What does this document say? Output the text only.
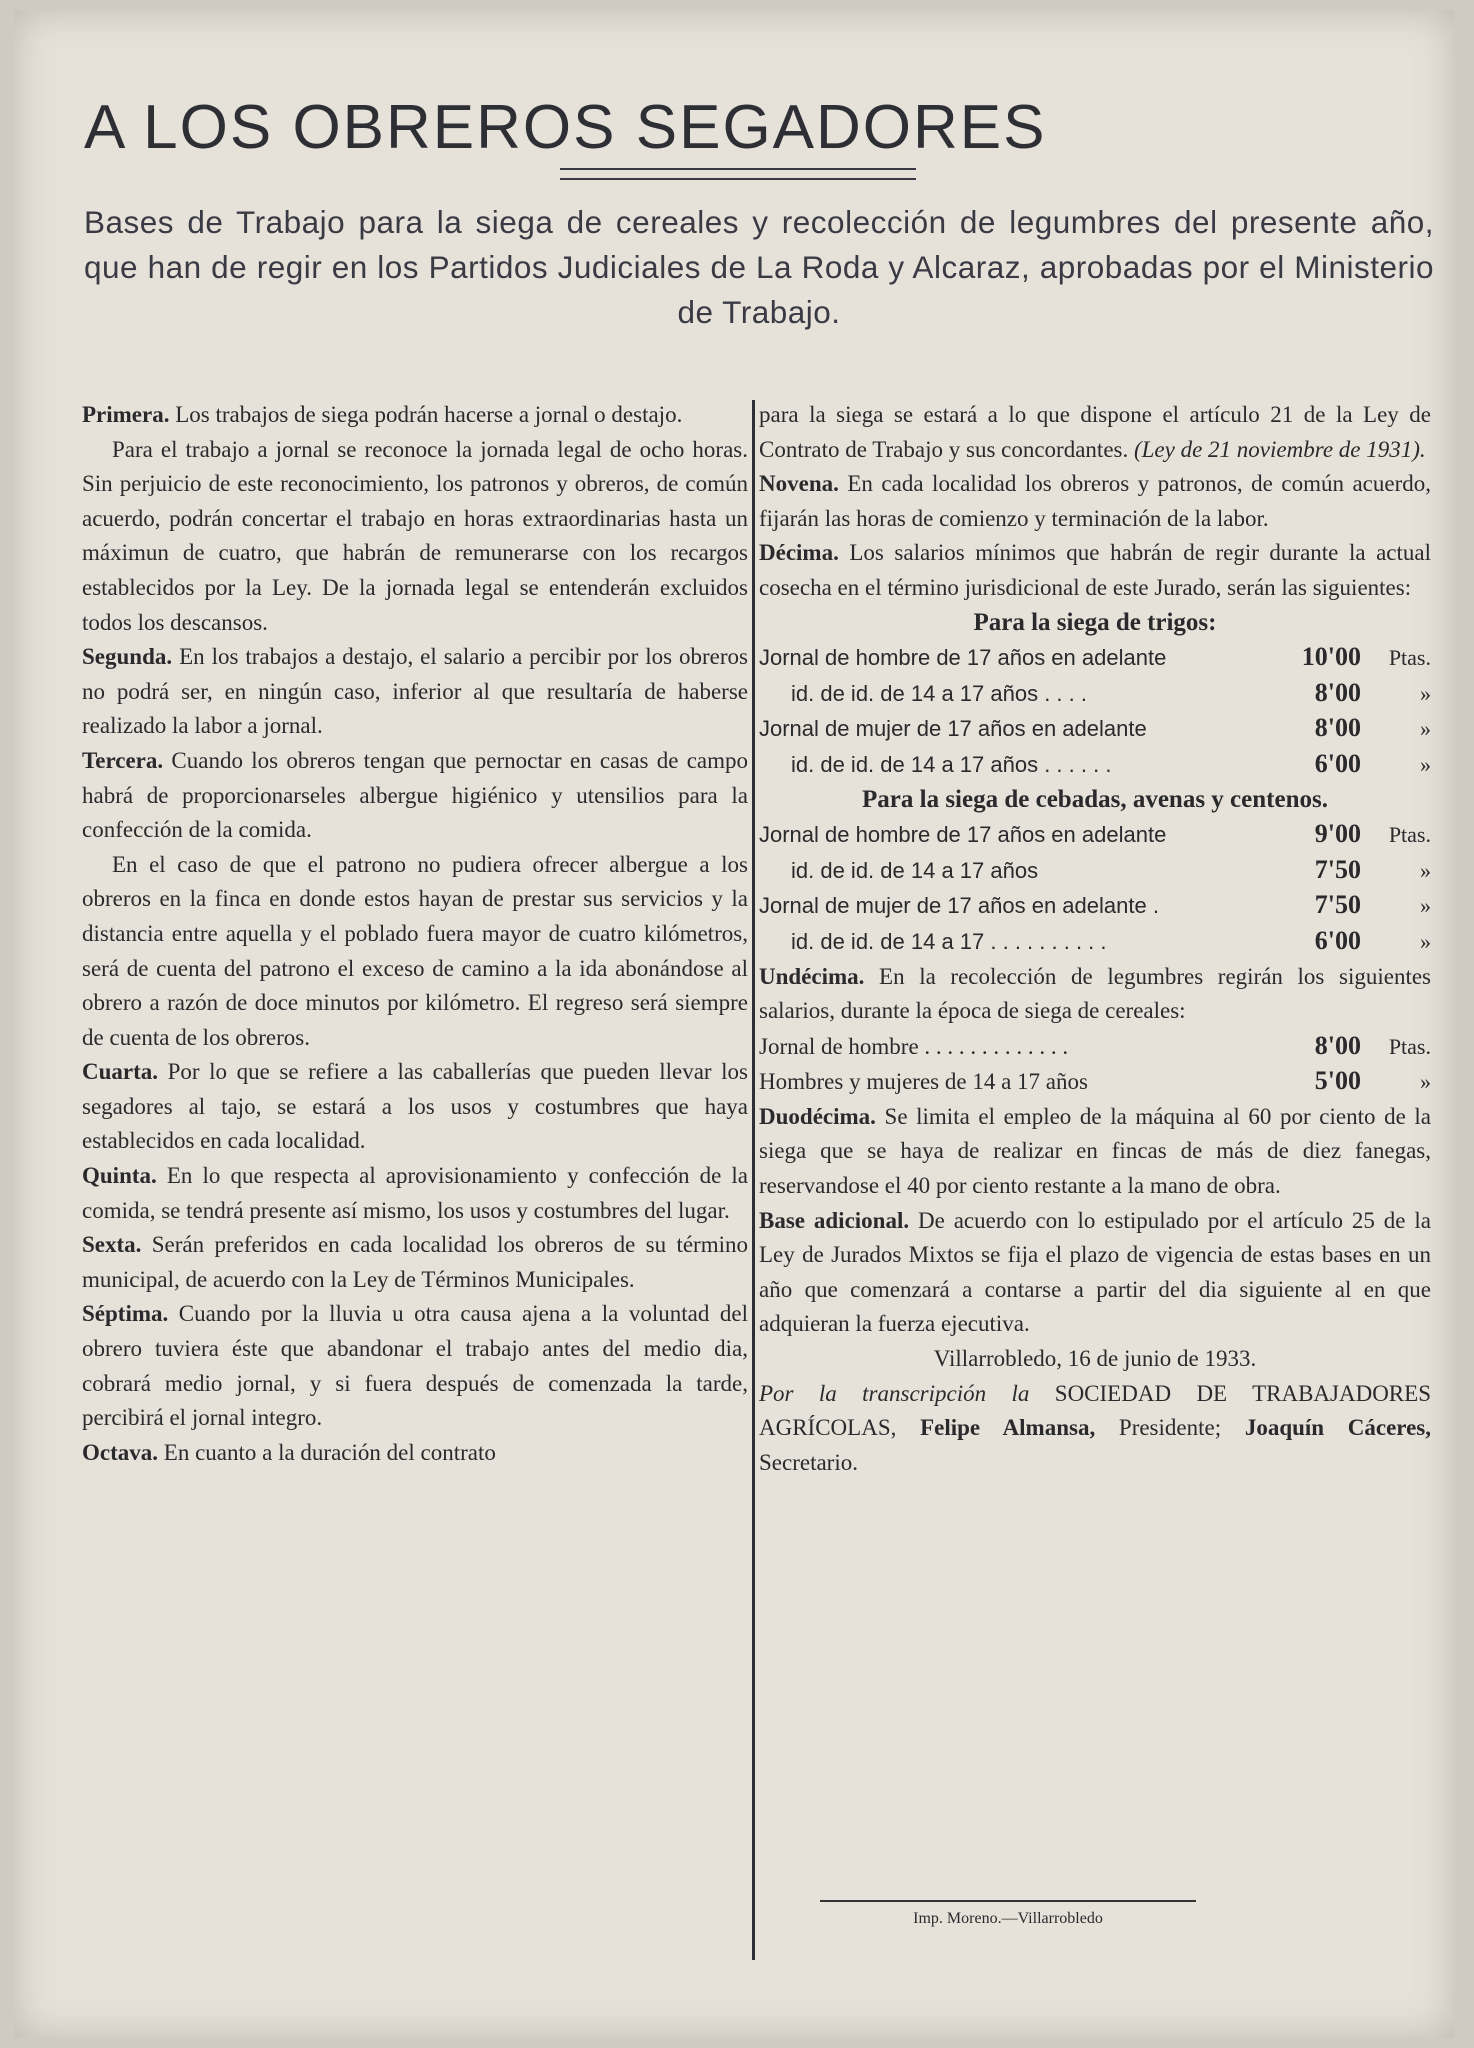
A LOS OBREROS SEGADORES
Bases de Trabajo para la siega de cereales y recolección de legumbres del presente año, que han de regir en los Partidos Judiciales de La Roda y Alcaraz, aprobadas por el Ministerio de Trabajo.

Primera. Los trabajos de siega podrán hacerse a jornal o destajo.

Para el trabajo a jornal se reconoce la jornada legal de ocho horas. Sin perjuicio de este reconocimiento, los patronos y obreros, de común acuerdo, podrán concertar el trabajo en horas extraordinarias hasta un máximun de cuatro, que habrán de remunerarse con los recargos establecidos por la Ley. De la jornada legal se entenderán excluidos todos los descansos.

Segunda. En los trabajos a destajo, el salario a percibir por los obreros no podrá ser, en ningún caso, inferior al que resultaría de haberse realizado la labor a jornal.

Tercera. Cuando los obreros tengan que pernoctar en casas de campo habrá de proporcionarseles albergue higiénico y utensilios para la confección de la comida.

En el caso de que el patrono no pudiera ofrecer albergue a los obreros en la finca en donde estos hayan de prestar sus servicios y la distancia entre aquella y el poblado fuera mayor de cuatro kilómetros, será de cuenta del patrono el exceso de camino a la ida abonándose al obrero a razón de doce minutos por kilómetro. El regreso será siempre de cuenta de los obreros.

Cuarta. Por lo que se refiere a las caballerías que pueden llevar los segadores al tajo, se estará a los usos y costumbres que haya establecidos en cada localidad.

Quinta. En lo que respecta al aprovisionamiento y confección de la comida, se tendrá presente así mismo, los usos y costumbres del lugar.

Sexta. Serán preferidos en cada localidad los obreros de su término municipal, de acuerdo con la Ley de Términos Municipales.

Séptima. Cuando por la lluvia u otra causa ajena a la voluntad del obrero tuviera éste que abandonar el trabajo antes del medio dia, cobrará medio jornal, y si fuera después de comenzada la tarde, percibirá el jornal integro.

Octava. En cuanto a la duración del contrato

para la siega se estará a lo que dispone el artículo 21 de la Ley de Contrato de Trabajo y sus concordantes. (Ley de 21 noviembre de 1931).

Novena. En cada localidad los obreros y patronos, de común acuerdo, fijarán las horas de comienzo y terminación de la labor.

Décima. Los salarios mínimos que habrán de regir durante la actual cosecha en el término jurisdicional de este Jurado, serán las siguientes:

Para la siega de trigos:
Jornal de hombre de 17 años en adelante	10'00	Ptas.
id. de id. de 14 a 17 años . . . .	8'00	»
Jornal de mujer de 17 años en adelante	8'00	»
id. de id. de 14 a 17 años . . . . . .	6'00	»
Para la siega de cebadas, avenas y centenos.
Jornal de hombre de 17 años en adelante	9'00	Ptas.
id. de id. de 14 a 17 años	7'50	»
Jornal de mujer de 17 años en adelante .	7'50	»
id. de id. de 14 a 17 . . . . . . . . . .	6'00	»

Undécima. En la recolección de legumbres regirán los siguientes salarios, durante la época de siega de cereales:

Jornal de hombre . . . . . . . . . . . . .	8'00	Ptas.
Hombres y mujeres de 14 a 17 años	5'00	»

Duodécima. Se limita el empleo de la máquina al 60 por ciento de la siega que se haya de realizar en fincas de más de diez fanegas, reservandose el 40 por ciento restante a la mano de obra.

Base adicional. De acuerdo con lo estipulado por el artículo 25 de la Ley de Jurados Mixtos se fija el plazo de vigencia de estas bases en un año que comenzará a contarse a partir del dia siguiente al en que adquieran la fuerza ejecutiva.

Villarrobledo, 16 de junio de 1933.

Por la transcripción la SOCIEDAD DE TRABAJADORES AGRÍCOLAS, Felipe Almansa, Presidente; Joaquín Cáceres, Secretario.

Imp. Moreno.—Villarrobledo
